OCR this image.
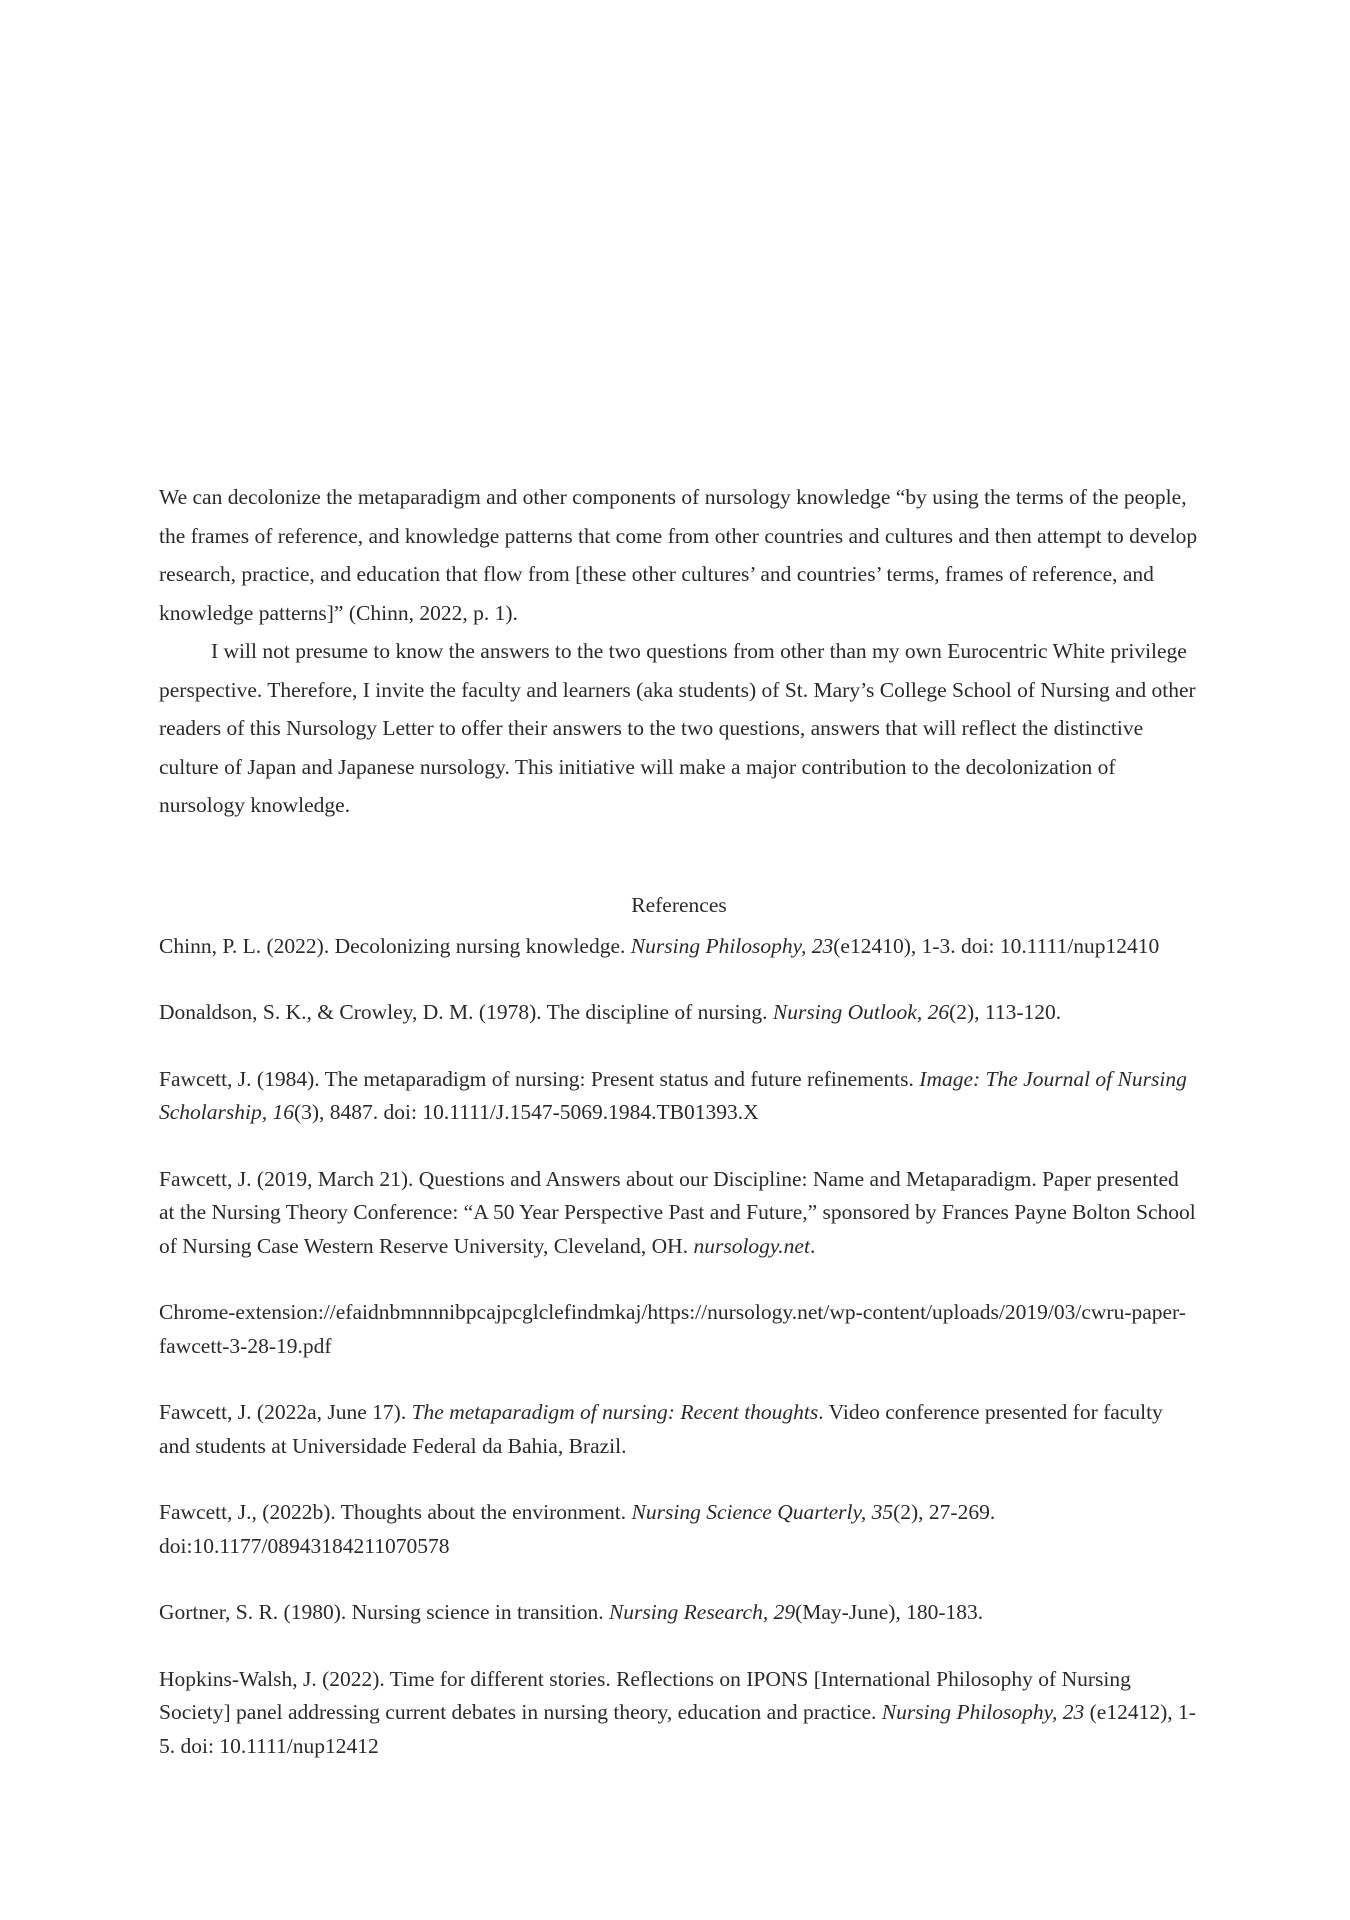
We can decolonize the metaparadigm and other components of nursology knowledge “by using the terms of the people, the frames of reference, and knowledge patterns that come from other countries and cultures and then attempt to develop research, practice, and education that flow from [these other cultures’ and countries’ terms, frames of reference, and knowledge patterns]” (Chinn, 2022, p. 1).

I will not presume to know the answers to the two questions from other than my own Eurocentric White privilege perspective. Therefore, I invite the faculty and learners (aka students) of St. Mary’s College School of Nursing and other readers of this Nursology Letter to offer their answers to the two questions, answers that will reflect the distinctive culture of Japan and Japanese nursology. This initiative will make a major contribution to the decolonization of nursology knowledge.

References

Chinn, P. L. (2022). Decolonizing nursing knowledge. Nursing Philosophy, 23(e12410), 1-3. doi: 10.1111/nup12410

Donaldson, S. K., & Crowley, D. M. (1978). The discipline of nursing. Nursing Outlook, 26(2), 113-120.

Fawcett, J. (1984). The metaparadigm of nursing: Present status and future refinements. Image: The Journal of Nursing Scholarship, 16(3), 8487. doi: 10.1111/J.1547-5069.1984.TB01393.X

Fawcett, J. (2019, March 21). Questions and Answers about our Discipline: Name and Metaparadigm. Paper presented at the Nursing Theory Conference: “A 50 Year Perspective Past and Future,” sponsored by Frances Payne Bolton School of Nursing Case Western Reserve University, Cleveland, OH. nursology.net.

Chrome-extension://efaidnbmnnnibpcajpcglclefindmkaj/https://nursology.net/wp-content/uploads/2019/03/cwru-paper-fawcett-3-28-19.pdf

Fawcett, J. (2022a, June 17). The metaparadigm of nursing: Recent thoughts. Video conference presented for faculty and students at Universidade Federal da Bahia, Brazil.

Fawcett, J., (2022b). Thoughts about the environment. Nursing Science Quarterly, 35(2), 27-269. doi:10.1177/08943184211070578

Gortner, S. R. (1980). Nursing science in transition. Nursing Research, 29(May-June), 180-183.

Hopkins-Walsh, J. (2022). Time for different stories. Reflections on IPONS [International Philosophy of Nursing Society] panel addressing current debates in nursing theory, education and practice. Nursing Philosophy, 23 (e12412), 1-5. doi: 10.1111/nup12412
